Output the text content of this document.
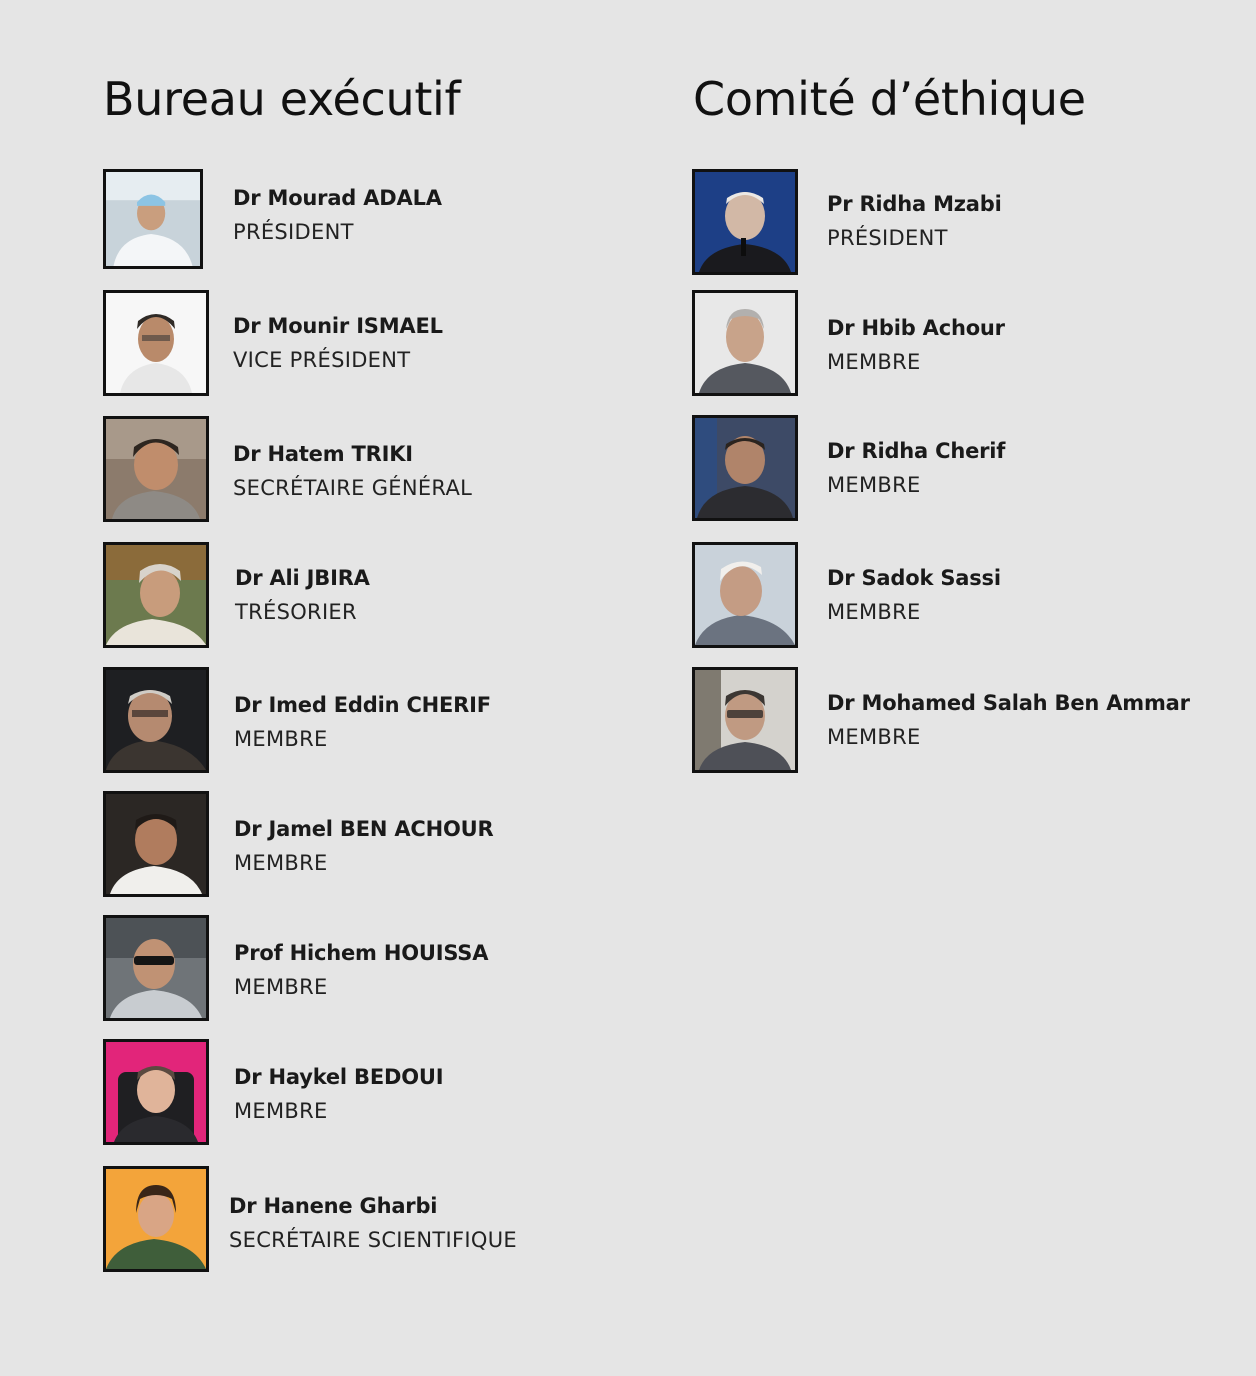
Bureau exécutif	Comité d’éthique
Dr Mourad ADALA
PRÉSIDENT
Dr Mounir ISMAEL
VICE PRÉSIDENT
Dr Hatem TRIKI
SECRÉTAIRE GÉNÉRAL
Dr Ali JBIRA
TRÉSORIER
Dr Imed Eddin CHERIF
MEMBRE
Dr Jamel BEN ACHOUR
MEMBRE
Prof Hichem HOUISSA
MEMBRE
Dr Haykel BEDOUI
MEMBRE
Dr Hanene Gharbi
SECRÉTAIRE SCIENTIFIQUE
Pr Ridha Mzabi
PRÉSIDENT
Dr Hbib Achour
MEMBRE
Dr Ridha Cherif
MEMBRE
Dr Sadok Sassi
MEMBRE
Dr Mohamed Salah Ben Ammar
MEMBRE
